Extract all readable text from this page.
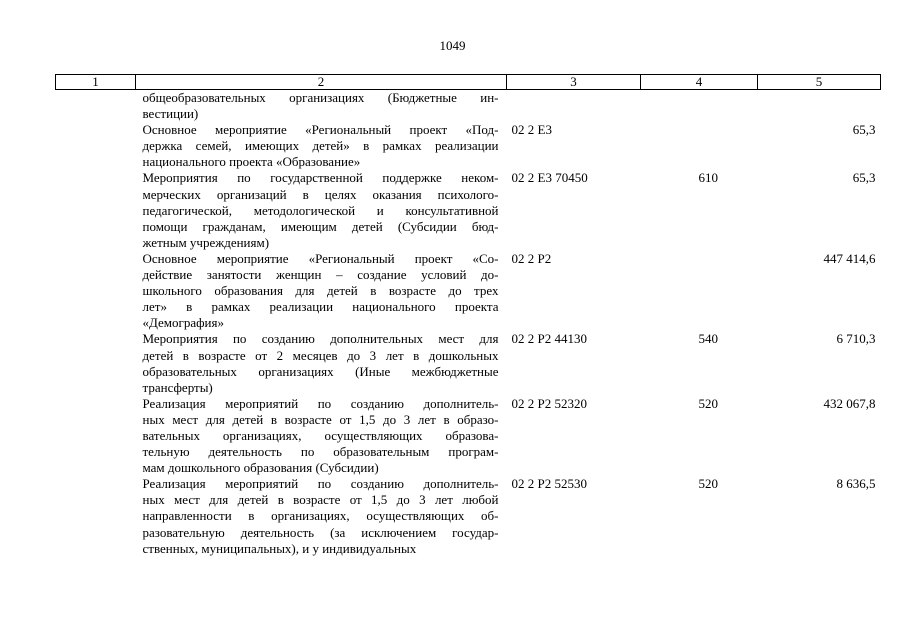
1049
1	2	3	4	5

	общеобразовательных организациях (Бюджетные ин-
вестиции)			

	Основное мероприятие «Региональный проект «Под-
держка семей, имеющих детей» в рамках реализации
национального проекта «Образование»	02 2 E3		65,3

	Мероприятия по государственной поддержке неком-
мерческих организаций в целях оказания психолого-
педагогической, методологической и консультативной
помощи гражданам, имеющим детей (Субсидии бюд-
жетным учреждениям)	02 2 E3 70450	610	65,3

	Основное мероприятие «Региональный проект «Со-
действие занятости женщин – создание условий до-
школьного образования для детей в возрасте до трех
лет» в рамках реализации национального проекта
«Демография»	02 2 P2		447 414,6

	Мероприятия по созданию дополнительных мест для
детей в возрасте от 2 месяцев до 3 лет в дошкольных
образовательных организациях (Иные межбюджетные
трансферты)	02 2 P2 44130	540	6 710,3

	Реализация мероприятий по созданию дополнитель-
ных мест для детей в возрасте от 1,5 до 3 лет в образо-
вательных организациях, осуществляющих образова-
тельную деятельность по образовательным програм-
мам дошкольного образования (Субсидии)	02 2 P2 52320	520	432 067,8

	Реализация мероприятий по созданию дополнитель-
ных мест для детей в возрасте от 1,5 до 3 лет любой
направленности в организациях, осуществляющих об-
разовательную деятельность (за исключением государ-
ственных, муниципальных), и у индивидуальных	02 2 P2 52530	520	8 636,5
